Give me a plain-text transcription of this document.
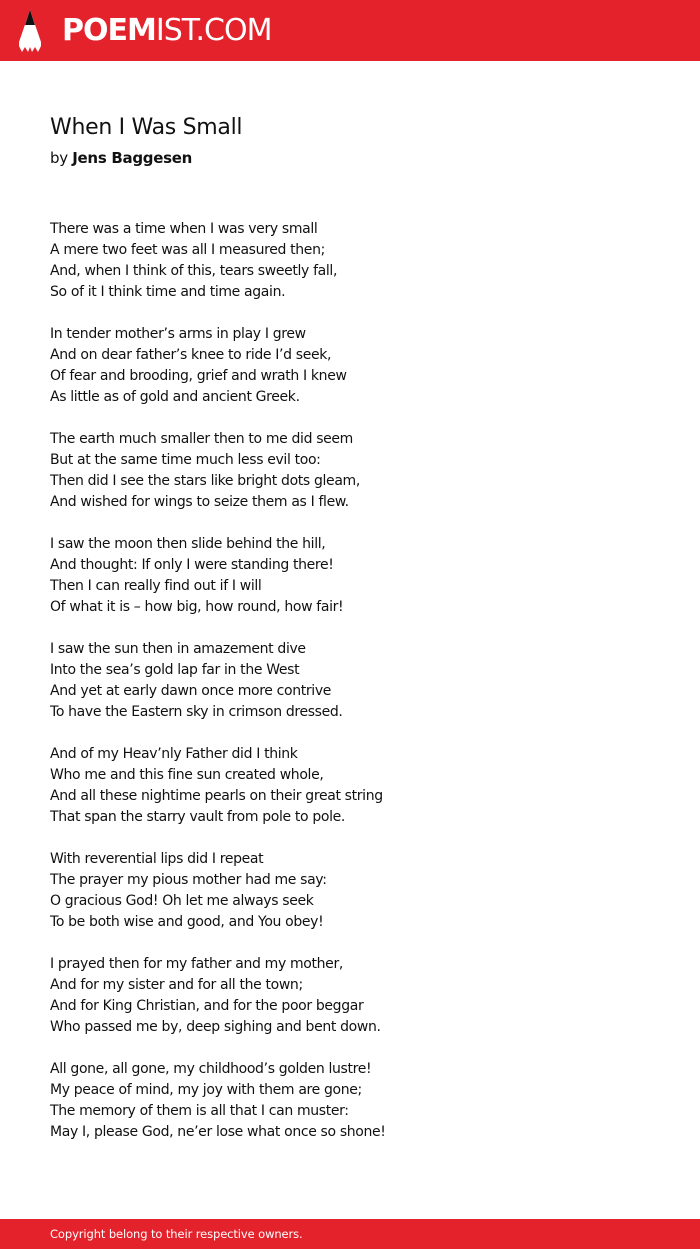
POEMIST.COM
When I Was Small
by Jens Baggesen
There was a time when I was very small
A mere two feet was all I measured then;
And, when I think of this, tears sweetly fall,
So of it I think time and time again.
In tender mother’s arms in play I grew
And on dear father’s knee to ride I’d seek,
Of fear and brooding, grief and wrath I knew
As little as of gold and ancient Greek.
The earth much smaller then to me did seem
But at the same time much less evil too:
Then did I see the stars like bright dots gleam,
And wished for wings to seize them as I flew.
I saw the moon then slide behind the hill,
And thought: If only I were standing there!
Then I can really find out if I will
Of what it is – how big, how round, how fair!
I saw the sun then in amazement dive
Into the sea’s gold lap far in the West
And yet at early dawn once more contrive
To have the Eastern sky in crimson dressed.
And of my Heav’nly Father did I think
Who me and this fine sun created whole,
And all these nightime pearls on their great string
That span the starry vault from pole to pole.
With reverential lips did I repeat
The prayer my pious mother had me say:
O gracious God! Oh let me always seek
To be both wise and good, and You obey!
I prayed then for my father and my mother,
And for my sister and for all the town;
And for King Christian, and for the poor beggar
Who passed me by, deep sighing and bent down.
All gone, all gone, my childhood’s golden lustre!
My peace of mind, my joy with them are gone;
The memory of them is all that I can muster:
May I, please God, ne’er lose what once so shone!
Copyright belong to their respective owners.
